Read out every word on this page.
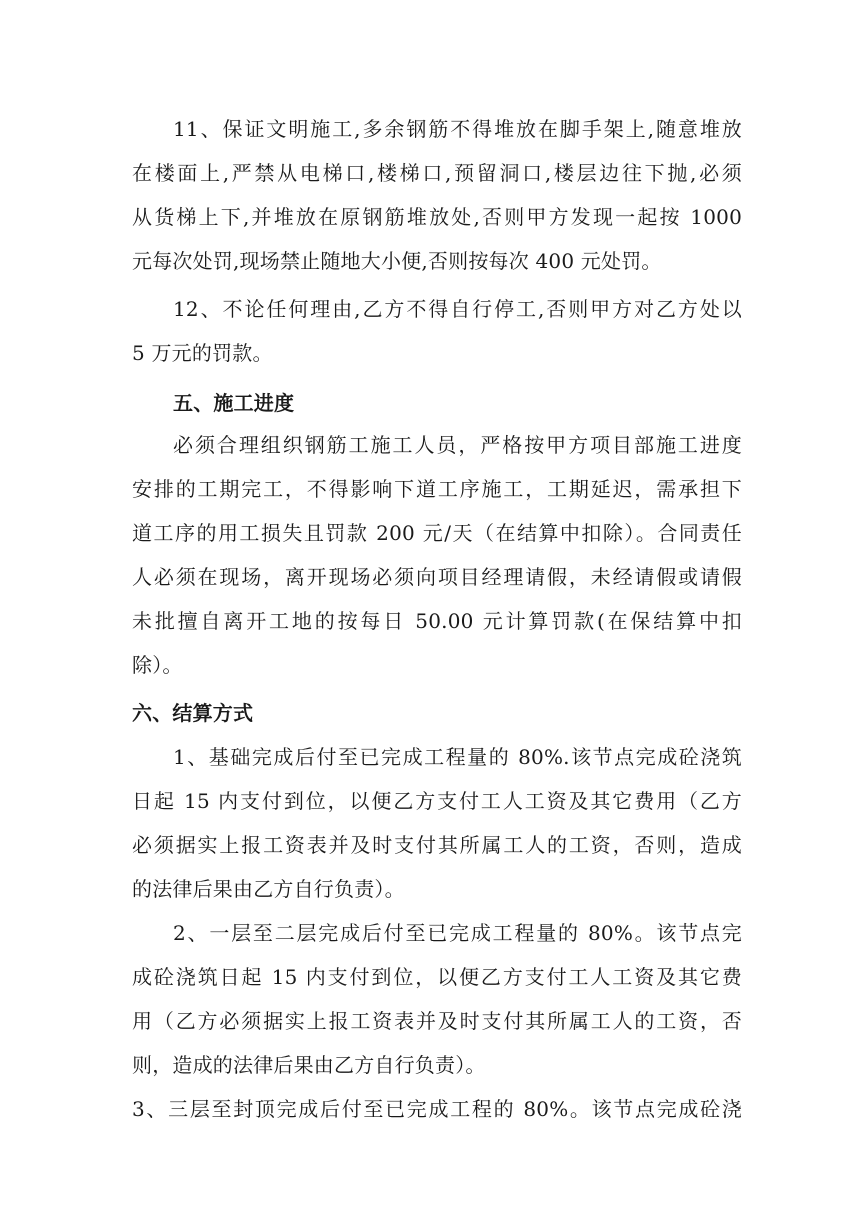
11、保证文明施工,多余钢筋不得堆放在脚手架上,随意堆放
在楼面上,严禁从电梯口,楼梯口,预留洞口,楼层边往下抛,必须
从货梯上下,并堆放在原钢筋堆放处,否则甲方发现一起按 1000
元每次处罚,现场禁止随地大小便,否则按每次 400 元处罚。
12、不论任何理由,乙方不得自行停工,否则甲方对乙方处以
5 万元的罚款。
五、施工进度
必须合理组织钢筋工施工人员，严格按甲方项目部施工进度
安排的工期完工，不得影响下道工序施工，工期延迟，需承担下
道工序的用工损失且罚款 200 元/天（在结算中扣除）。合同责任
人必须在现场，离开现场必须向项目经理请假，未经请假或请假
未批擅自离开工地的按每日 50.00 元计算罚款(在保结算中扣
除）。
六、结算方式
1、基础完成后付至已完成工程量的 80%.该节点完成砼浇筑
日起 15 内支付到位，以便乙方支付工人工资及其它费用（乙方
必须据实上报工资表并及时支付其所属工人的工资，否则，造成
的法律后果由乙方自行负责）。
2、一层至二层完成后付至已完成工程量的 80%。该节点完
成砼浇筑日起 15 内支付到位，以便乙方支付工人工资及其它费
用（乙方必须据实上报工资表并及时支付其所属工人的工资，否
则，造成的法律后果由乙方自行负责）。
3、三层至封顶完成后付至已完成工程的 80%。该节点完成砼浇
